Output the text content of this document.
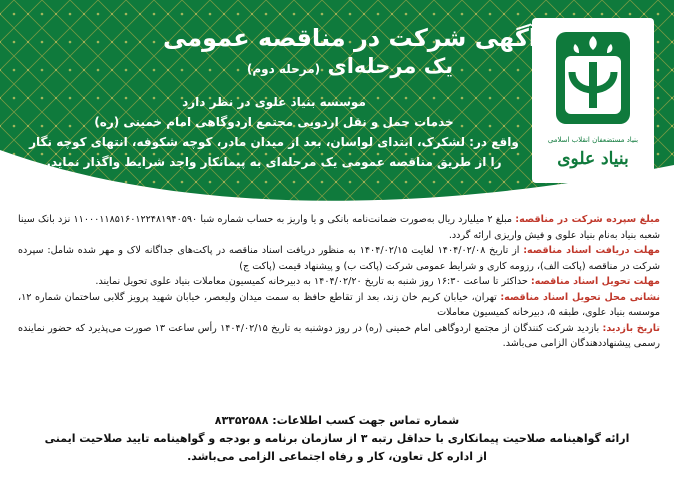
بنیاد مستضعفان انقلاب اسلامی
بنیاد علوی
آگهی شرکت در مناقصه عمومی
یک مرحله‌ای (مرحله دوم)
موسسه بنیاد علوی در نظر دارد
خدمات حمل و نقل اردویی مجتمع اردوگاهی امام خمینی (ره)
واقع در: لشکرک، ابتدای لواسان، بعد از میدان مادر، کوچه شکوفه، انتهای کوچه نگار
را از طریق مناقصه عمومی یک مرحله‌ای به پیمانکار واجد شرایط واگذار نماید.

مبلغ سپرده شرکت در مناقصه: مبلغ ۲ میلیارد ریال به‌صورت ضمانت‌نامه بانکی و یا واریز به حساب شماره شبا ۱۱۰۰۰۱۱۸۵۱۶۰۱۲۲۴۸۱۹۴۰۵۹۰ نزد بانک سینا شعبه بنیاد به‌نام بنیاد علوی و فیش واریزی ارائه گردد.

مهلت دریافت اسناد مناقصه: از تاریخ ۱۴۰۴/۰۲/۰۸ لغایت ۱۴۰۴/۰۲/۱۵ به منظور دریافت اسناد مناقصه در پاکت‌های جداگانه لاک و مهر شده شامل: سپرده شرکت در مناقصه (پاکت الف)، رزومه کاری و شرایط عمومی شرکت (پاکت ب) و پیشنهاد قیمت (پاکت ج)

مهلت تحویل اسناد مناقصه: حداکثر تا ساعت ۱۶:۳۰ روز شنبه به تاریخ ۱۴۰۴/۰۲/۲۰ به دبیرخانه کمیسیون معاملات بنیاد علوی تحویل نمایند.

نشانی محل تحویل اسناد مناقصه: تهران، خیابان کریم خان زند، بعد از تقاطع حافظ به سمت میدان ولیعصر، خیابان شهید پرویز گلابی ساختمان شماره ۱۲، موسسه بنیاد علوی، طبقه ۵، دبیرخانه کمیسیون معاملات

تاریخ بازدید: بازدید شرکت کنندگان از مجتمع اردوگاهی امام خمینی (ره) در روز دوشنبه به تاریخ ۱۴۰۴/۰۲/۱۵ رأس ساعت ۱۳ صورت می‌پذیرد که حضور نماینده رسمی پیشنهاددهندگان الزامی می‌باشد.

شماره تماس جهت کسب اطلاعات: ۸۳۳۵۲۵۸۸
ارائه گواهینامه صلاحیت پیمانکاری با حداقل رتبه ۳ از سازمان برنامه و بودجه و گواهینامه تایید صلاحیت ایمنی
از اداره کل تعاون، کار و رفاه اجتماعی الزامی می‌باشد.
